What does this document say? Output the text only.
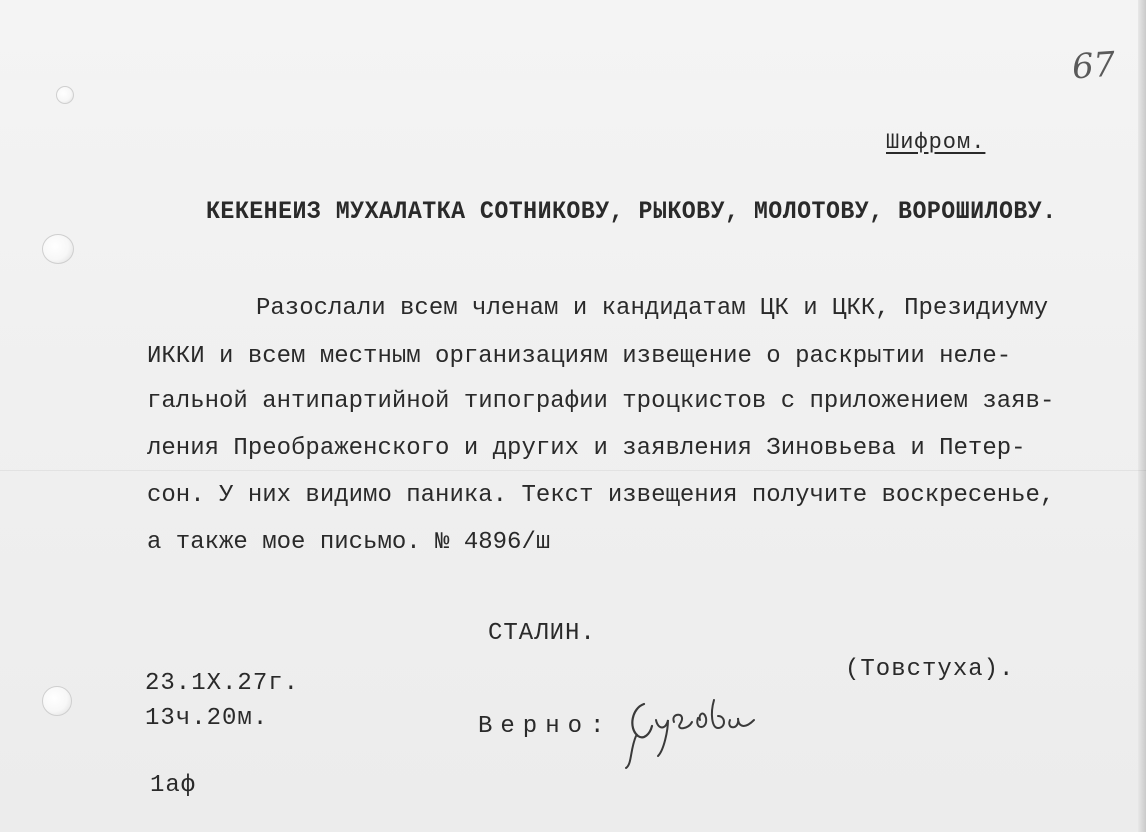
67
Шифром.
КЕКЕНЕИЗ МУХАЛАТКА СОТНИКОВУ, РЫКОВУ, МОЛОТОВУ, ВОРОШИЛОВУ.
Разослали всем членам и кандидатам ЦК и ЦКК, Президиуму
ИККИ и всем местным организациям извещение о раскрытии неле-
гальной антипартийной типографии троцкистов с приложением заяв-
ления Преображенского и других и заявления Зиновьева и Петер-
сон. У них видимо паника. Текст извещения получите воскресенье,
а также мое письмо. № 4896/ш
СТАЛИН.
(Товстуха).
23.1Х.27г.
13ч.20м.	Верно:
1аф
